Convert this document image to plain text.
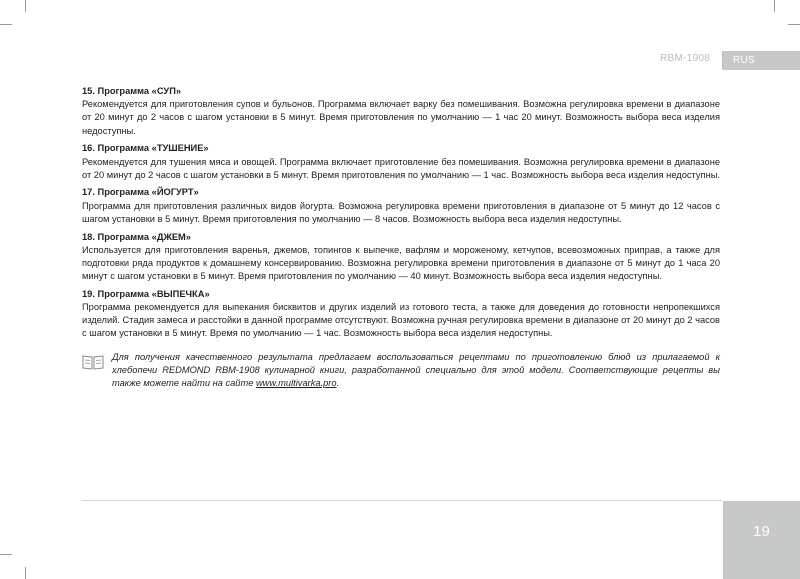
RBM-1908 RUS
15. Программа «СУП»
Рекомендуется для приготовления супов и бульонов. Программа включает варку без помешивания. Возможна регулировка времени в диапазоне от 20 минут до 2 часов с шагом установки в 5 минут. Время приготовления по умолчанию — 1 час 20 минут. Возможность выбора веса изделия недоступны.
16. Программа «ТУШЕНИЕ»
Рекомендуется для тушения мяса и овощей. Программа включает приготовление без помешивания. Возможна регулировка времени в диапазоне от 20 минут до 2 часов с шагом установки в 5 минут. Время приготовления по умолчанию — 1 час. Возможность выбора веса изделия недоступны.
17. Программа «ЙОГУРТ»
Программа для приготовления различных видов йогурта. Возможна регулировка времени приготовления в диапазоне от 5 минут до 12 часов с шагом установки в 5 минут. Время приготовления по умолчанию — 8 часов. Возможность выбора веса изделия недоступны.
18. Программа «ДЖЕМ»
Используется для приготовления варенья, джемов, топингов к выпечке, вафлям и мороженому, кетчупов, всевозможных приправ, а также для подготовки ряда продуктов к домашнему консервированию. Возможна регулировка времени приготовления в диапазоне от 5 минут до 1 часа 20 минут с шагом установки в 5 минут. Время приготовления по умолчанию — 40 минут. Возможность выбора веса изделия недоступны.
19. Программа «ВЫПЕЧКА»
Программа рекомендуется для выпекания бисквитов и других изделий из готового теста, а также для доведения до готовности непропекшихся изделий. Стадия замеса и расстойки в данной программе отсутствуют. Возможна ручная регулировка времени в диапазоне от 20 минут до 2 часов с шагом установки в 5 минут. Время по умолчанию — 1 час. Возможность выбора веса изделия недоступны.
Для получения качественного результата предлагаем воспользоваться рецептами по приготовлению блюд из прилагаемой к хлебопечи REDMOND RBM-1908 кулинарной книги, разработанной специально для этой модели. Соответствующие рецепты вы также можете найти на сайте www.multivarka.pro.
19
